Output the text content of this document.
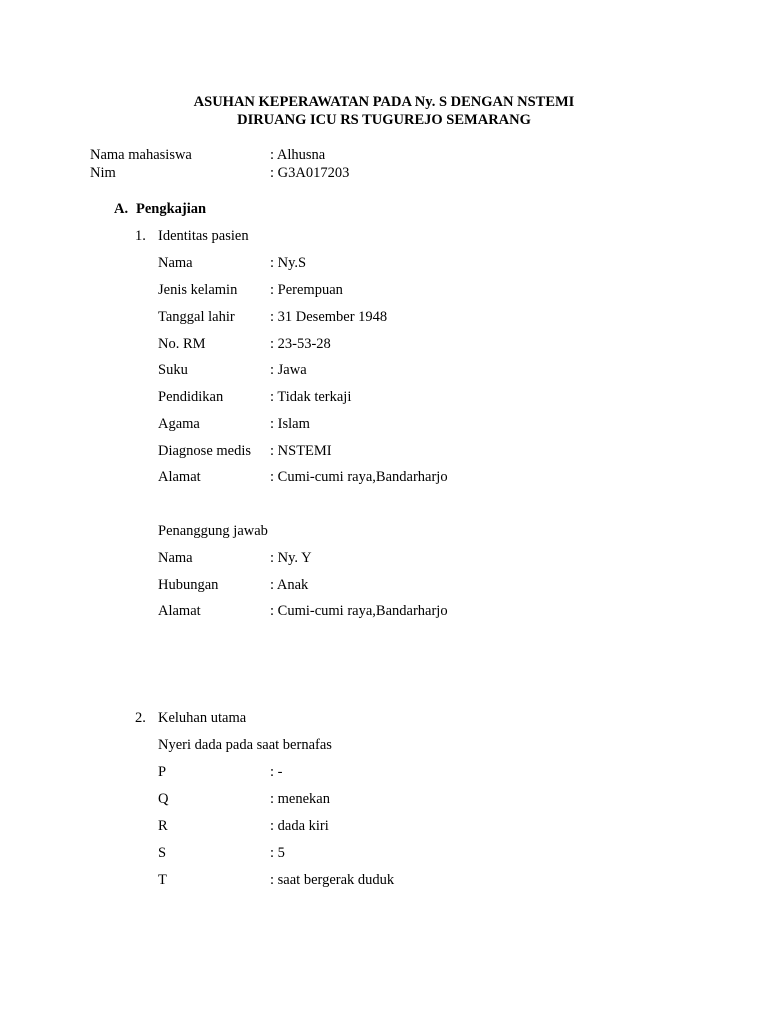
ASUHAN KEPERAWATAN PADA Ny. S DENGAN NSTEMI
DIRUANG ICU RS TUGUREJO SEMARANG
Nama mahasiswa	: Alhusna
Nim	: G3A017203
A. Pengkajian
1. Identitas pasien
Nama	: Ny.S
Jenis kelamin : Perempuan
Tanggal lahir : 31 Desember 1948
No. RM	: 23-53-28
Suku	: Jawa
Pendidikan	: Tidak terkaji
Agama	: Islam
Diagnose medis : NSTEMI
Alamat	: Cumi-cumi raya,Bandarharjo
Penanggung jawab
Nama	: Ny. Y
Hubungan	: Anak
Alamat	: Cumi-cumi raya,Bandarharjo
2. Keluhan utama
Nyeri dada pada saat bernafas
P	: -
Q	: menekan
R	: dada kiri
S	: 5
T	: saat bergerak duduk
